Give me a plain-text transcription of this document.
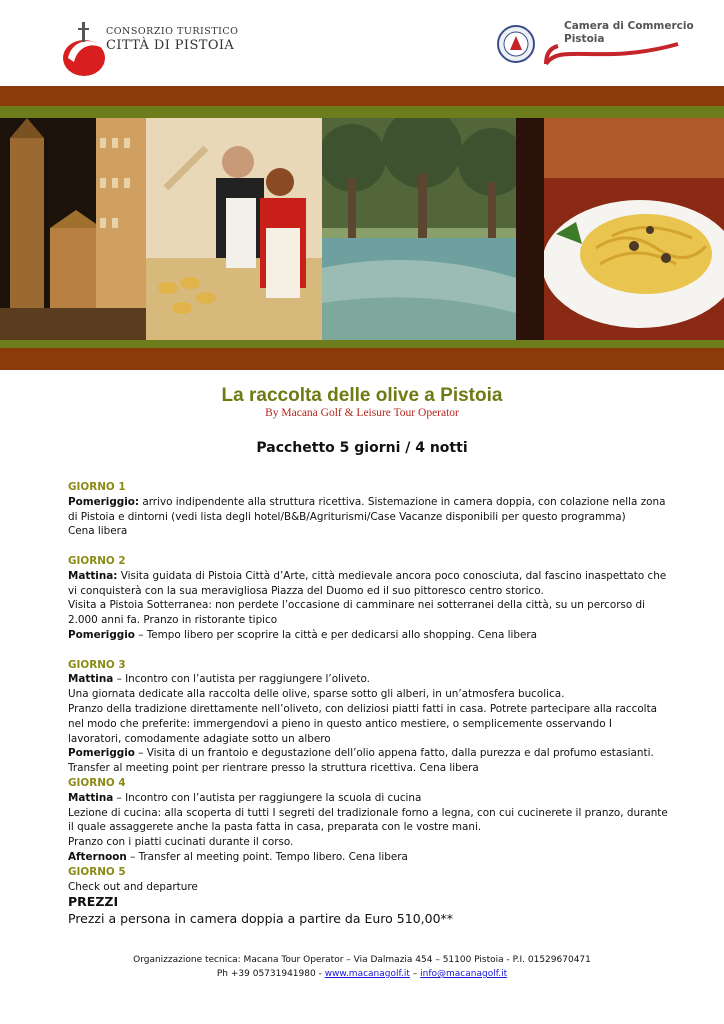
CONSORZIO TURISTICO
CITTÀ DI PISTOIA
Camera di Commercio
Pistoia
La raccolta delle olive a Pistoia
By Macana Golf & Leisure Tour Operator
Pacchetto 5 giorni / 4 notti

GIORNO 1

Pomeriggio: arrivo indipendente alla struttura ricettiva. Sistemazione in camera doppia, con colazione nella zona di Pistoia e dintorni (vedi lista degli hotel/B&B/Agriturismi/Case Vacanze disponibili per questo programma)

Cena libera

GIORNO 2

Mattina: Visita guidata di Pistoia Città d’Arte, città medievale ancora poco conosciuta, dal fascino inaspettato che vi conquisterà con la sua meravigliosa Piazza del Duomo ed il suo pittoresco centro storico.

Visita a Pistoia Sotterranea: non perdete l’occasione di camminare nei sotterranei della città, su un percorso di 2.000 anni fa. Pranzo in ristorante tipico

Pomeriggio – Tempo libero per scoprire la città e per dedicarsi allo shopping. Cena libera

GIORNO 3

Mattina – Incontro con l’autista per raggiungere l’oliveto.

Una giornata dedicate alla raccolta delle olive, sparse sotto gli alberi, in un’atmosfera bucolica.

Pranzo della tradizione direttamente nell’oliveto, con deliziosi piatti fatti in casa. Potrete partecipare alla raccolta nel modo che preferite: immergendovi a pieno in questo antico mestiere, o semplicemente osservando I lavoratori, comodamente adagiate sotto un albero

Pomeriggio – Visita di un frantoio e degustazione dell’olio appena fatto, dalla purezza e dal profumo estasianti.

Transfer al meeting point per rientrare presso la struttura ricettiva. Cena libera

GIORNO 4

Mattina – Incontro con l’autista per raggiungere la scuola di cucina

Lezione di cucina: alla scoperta di tutti I segreti del tradizionale forno a legna, con cui cucinerete il pranzo, durante il quale assaggerete anche la pasta fatta in casa, preparata con le vostre mani.

Pranzo con i piatti cucinati durante il corso.

Afternoon – Transfer al meeting point. Tempo libero. Cena libera

GIORNO 5

Check out and departure

PREZZI

Prezzi a persona in camera doppia a partire da Euro 510,00**

Organizzazione tecnica: Macana Tour Operator – Via Dalmazia 454 – 51100 Pistoia - P.I. 01529670471
Ph +39 05731941980 - www.macanagolf.it – info@macanagolf.it
